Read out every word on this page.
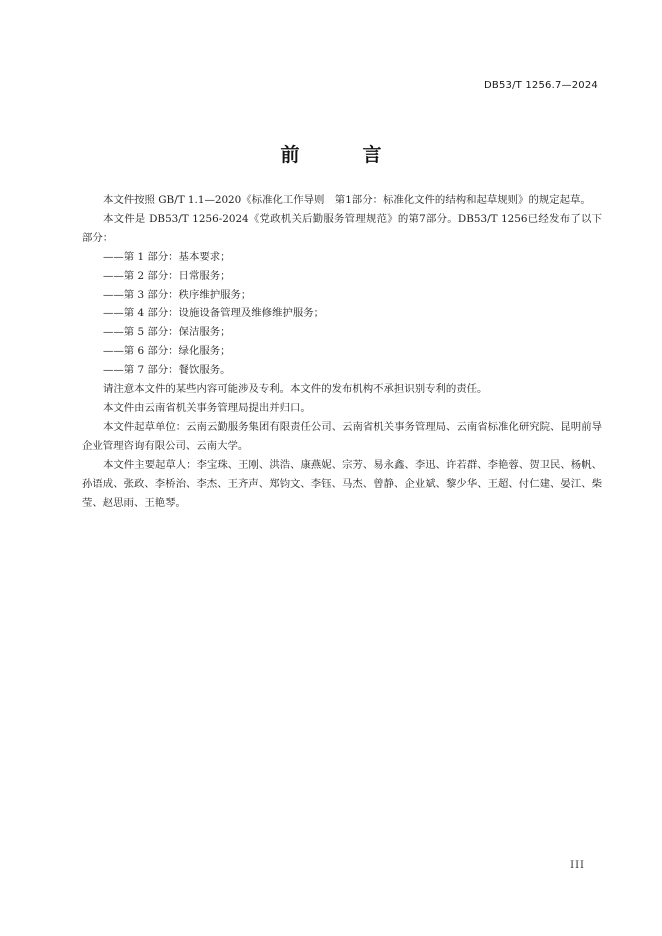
DB53/T 1256.7—2024
前　言

本文件按照 GB/T 1.1—2020《标准化工作导则　第1部分：标准化文件的结构和起草规则》的规定起草。

本文件是 DB53/T 1256-2024《党政机关后勤服务管理规范》的第7部分。DB53/T 1256已经发布了以下部分：

——第 1 部分：基本要求；

——第 2 部分：日常服务；

——第 3 部分：秩序维护服务；

——第 4 部分：设施设备管理及维修维护服务；

——第 5 部分：保洁服务；

——第 6 部分：绿化服务；

——第 7 部分：餐饮服务。

请注意本文件的某些内容可能涉及专利。本文件的发布机构不承担识别专利的责任。

本文件由云南省机关事务管理局提出并归口。

本文件起草单位：云南云勤服务集团有限责任公司、云南省机关事务管理局、云南省标准化研究院、昆明前导企业管理咨询有限公司、云南大学。

本文件主要起草人：李宝珠、王刚、洪浩、康燕妮、宗芳、易永鑫、李迅、许若群、李艳蓉、贺卫民、杨帆、孙语成、张政、李桥治、李杰、王齐声、郑钧文、李钰、马杰、曾静、企业斌、黎少华、王超、付仁建、晏江、柴莹、赵思雨、王艳琴。

III
